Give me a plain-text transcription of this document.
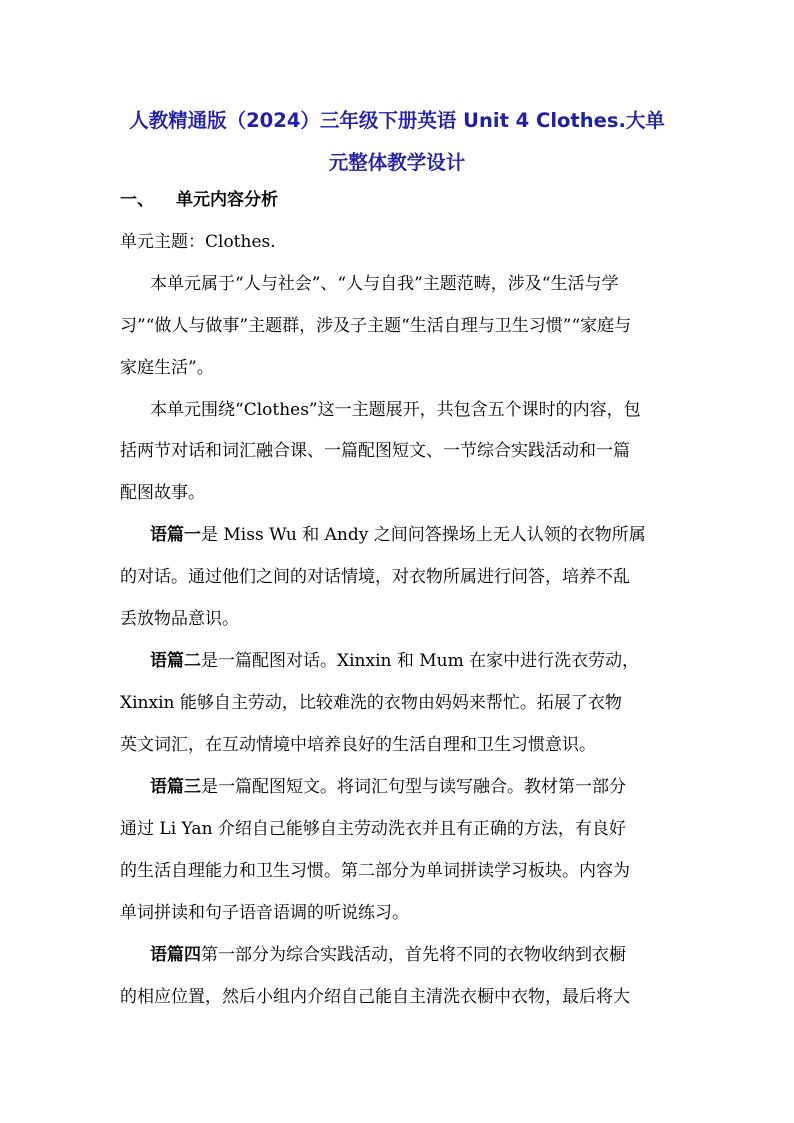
人教精通版（2024）三年级下册英语 Unit 4 Clothes.大单
元整体教学设计
一、 单元内容分析
单元主题：Clothes.
本单元属于“人与社会”、“人与自我”主题范畴，涉及“生活与学
习”“做人与做事”主题群，涉及子主题“生活自理与卫生习惯”“家庭与
家庭生活”。
本单元围绕“Clothes”这一主题展开，共包含五个课时的内容，包
括两节对话和词汇融合课、一篇配图短文、一节综合实践活动和一篇
配图故事。
语篇一是 Miss Wu 和 Andy 之间问答操场上无人认领的衣物所属
的对话。通过他们之间的对话情境，对衣物所属进行问答，培养不乱
丢放物品意识。
语篇二是一篇配图对话。Xinxin 和 Mum 在家中进行洗衣劳动，
Xinxin 能够自主劳动，比较难洗的衣物由妈妈来帮忙。拓展了衣物
英文词汇，在互动情境中培养良好的生活自理和卫生习惯意识。
语篇三是一篇配图短文。将词汇句型与读写融合。教材第一部分
通过 Li Yan 介绍自己能够自主劳动洗衣并且有正确的方法，有良好
的生活自理能力和卫生习惯。第二部分为单词拼读学习板块。内容为
单词拼读和句子语音语调的听说练习。
语篇四第一部分为综合实践活动，首先将不同的衣物收纳到衣橱
的相应位置，然后小组内介绍自己能自主清洗衣橱中衣物，最后将大
